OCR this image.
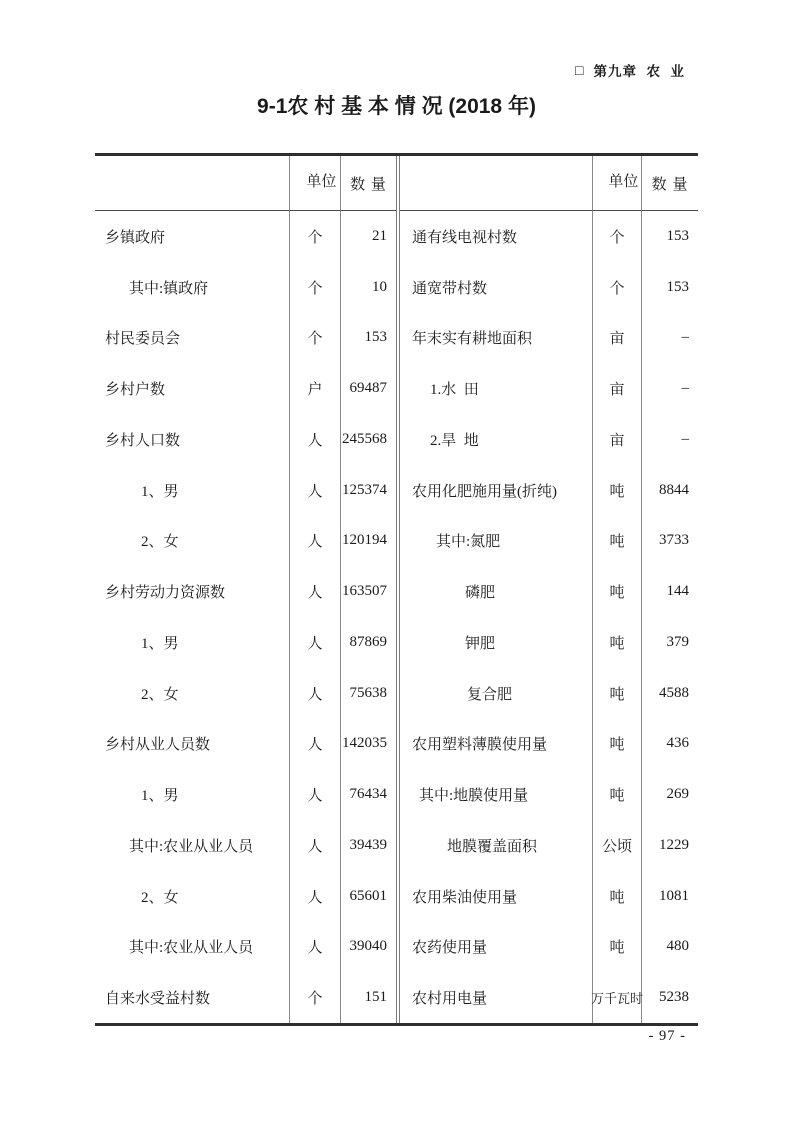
□ 第九章  农  业
9-1农 村 基 本 情 况 (2018 年)
单位 数 量
乡镇政府	个	21
其中:镇政府	个	10
村民委员会	个	153
乡村户数	户	69487
乡村人口数	人	245568
1、男	人	125374
2、女	人	120194
乡村劳动力资源数	人	163507
1、男	人	87869
2、女	人	75638
乡村从业人员数	人	142035
1、男	人	76434
其中:农业从业人员	人	39439
2、女	人	65601
其中:农业从业人员	人	39040
自来水受益村数	个	151
单位 数 量
通有线电视村数	个	153
通宽带村数	个	153
年末实有耕地面积	亩	–
1.水  田	亩	–
2.旱  地	亩	–
农用化肥施用量(折纯)	吨	8844
其中:氮肥	吨	3733
磷肥	吨	144
钾肥	吨	379
复合肥	吨	4588
农用塑料薄膜使用量	吨	436
其中:地膜使用量	吨	269
地膜覆盖面积	公顷	1229
农用柴油使用量	吨	1081
农药使用量	吨	480
农村用电量	万千瓦时	5238
- 97 -
